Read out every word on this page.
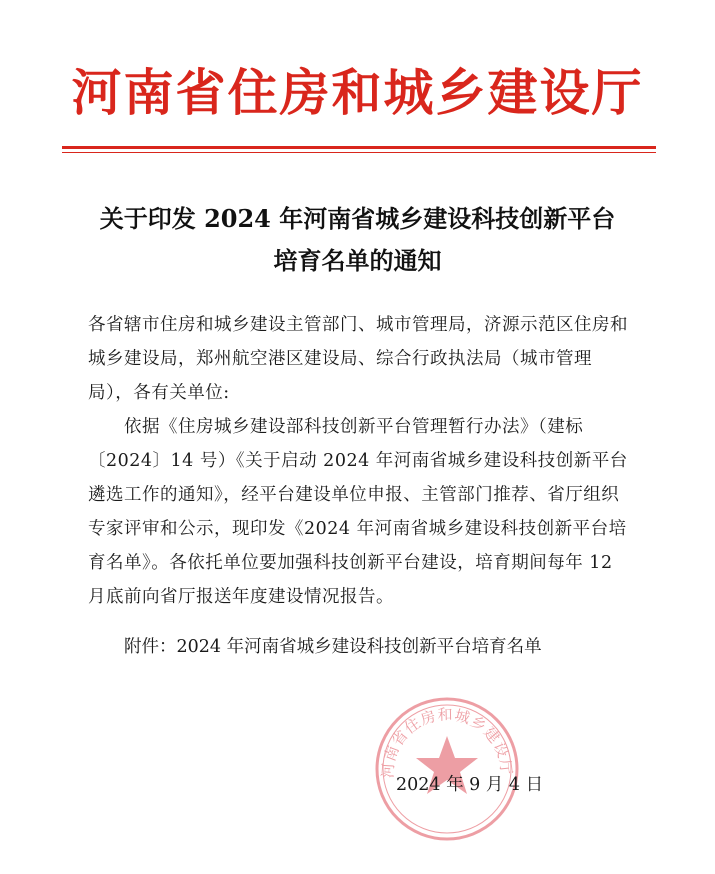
河南省住房和城乡建设厅
关于印发 2024 年河南省城乡建设科技创新平台
培育名单的通知

各省辖市住房和城乡建设主管部门、城市管理局，济源示范区住房和城乡建设局，郑州航空港区建设局、综合行政执法局（城市管理局），各有关单位:

依据《住房城乡建设部科技创新平台管理暂行办法》（建标〔2024〕14 号）《关于启动 2024 年河南省城乡建设科技创新平台遴选工作的通知》，经平台建设单位申报、主管部门推荐、省厅组织专家评审和公示，现印发《2024 年河南省城乡建设科技创新平台培育名单》。各依托单位要加强科技创新平台建设，培育期间每年 12 月底前向省厅报送年度建设情况报告。

附件：2024 年河南省城乡建设科技创新平台培育名单
河南省住房和城乡建设厅
2024 年 9 月 4 日
